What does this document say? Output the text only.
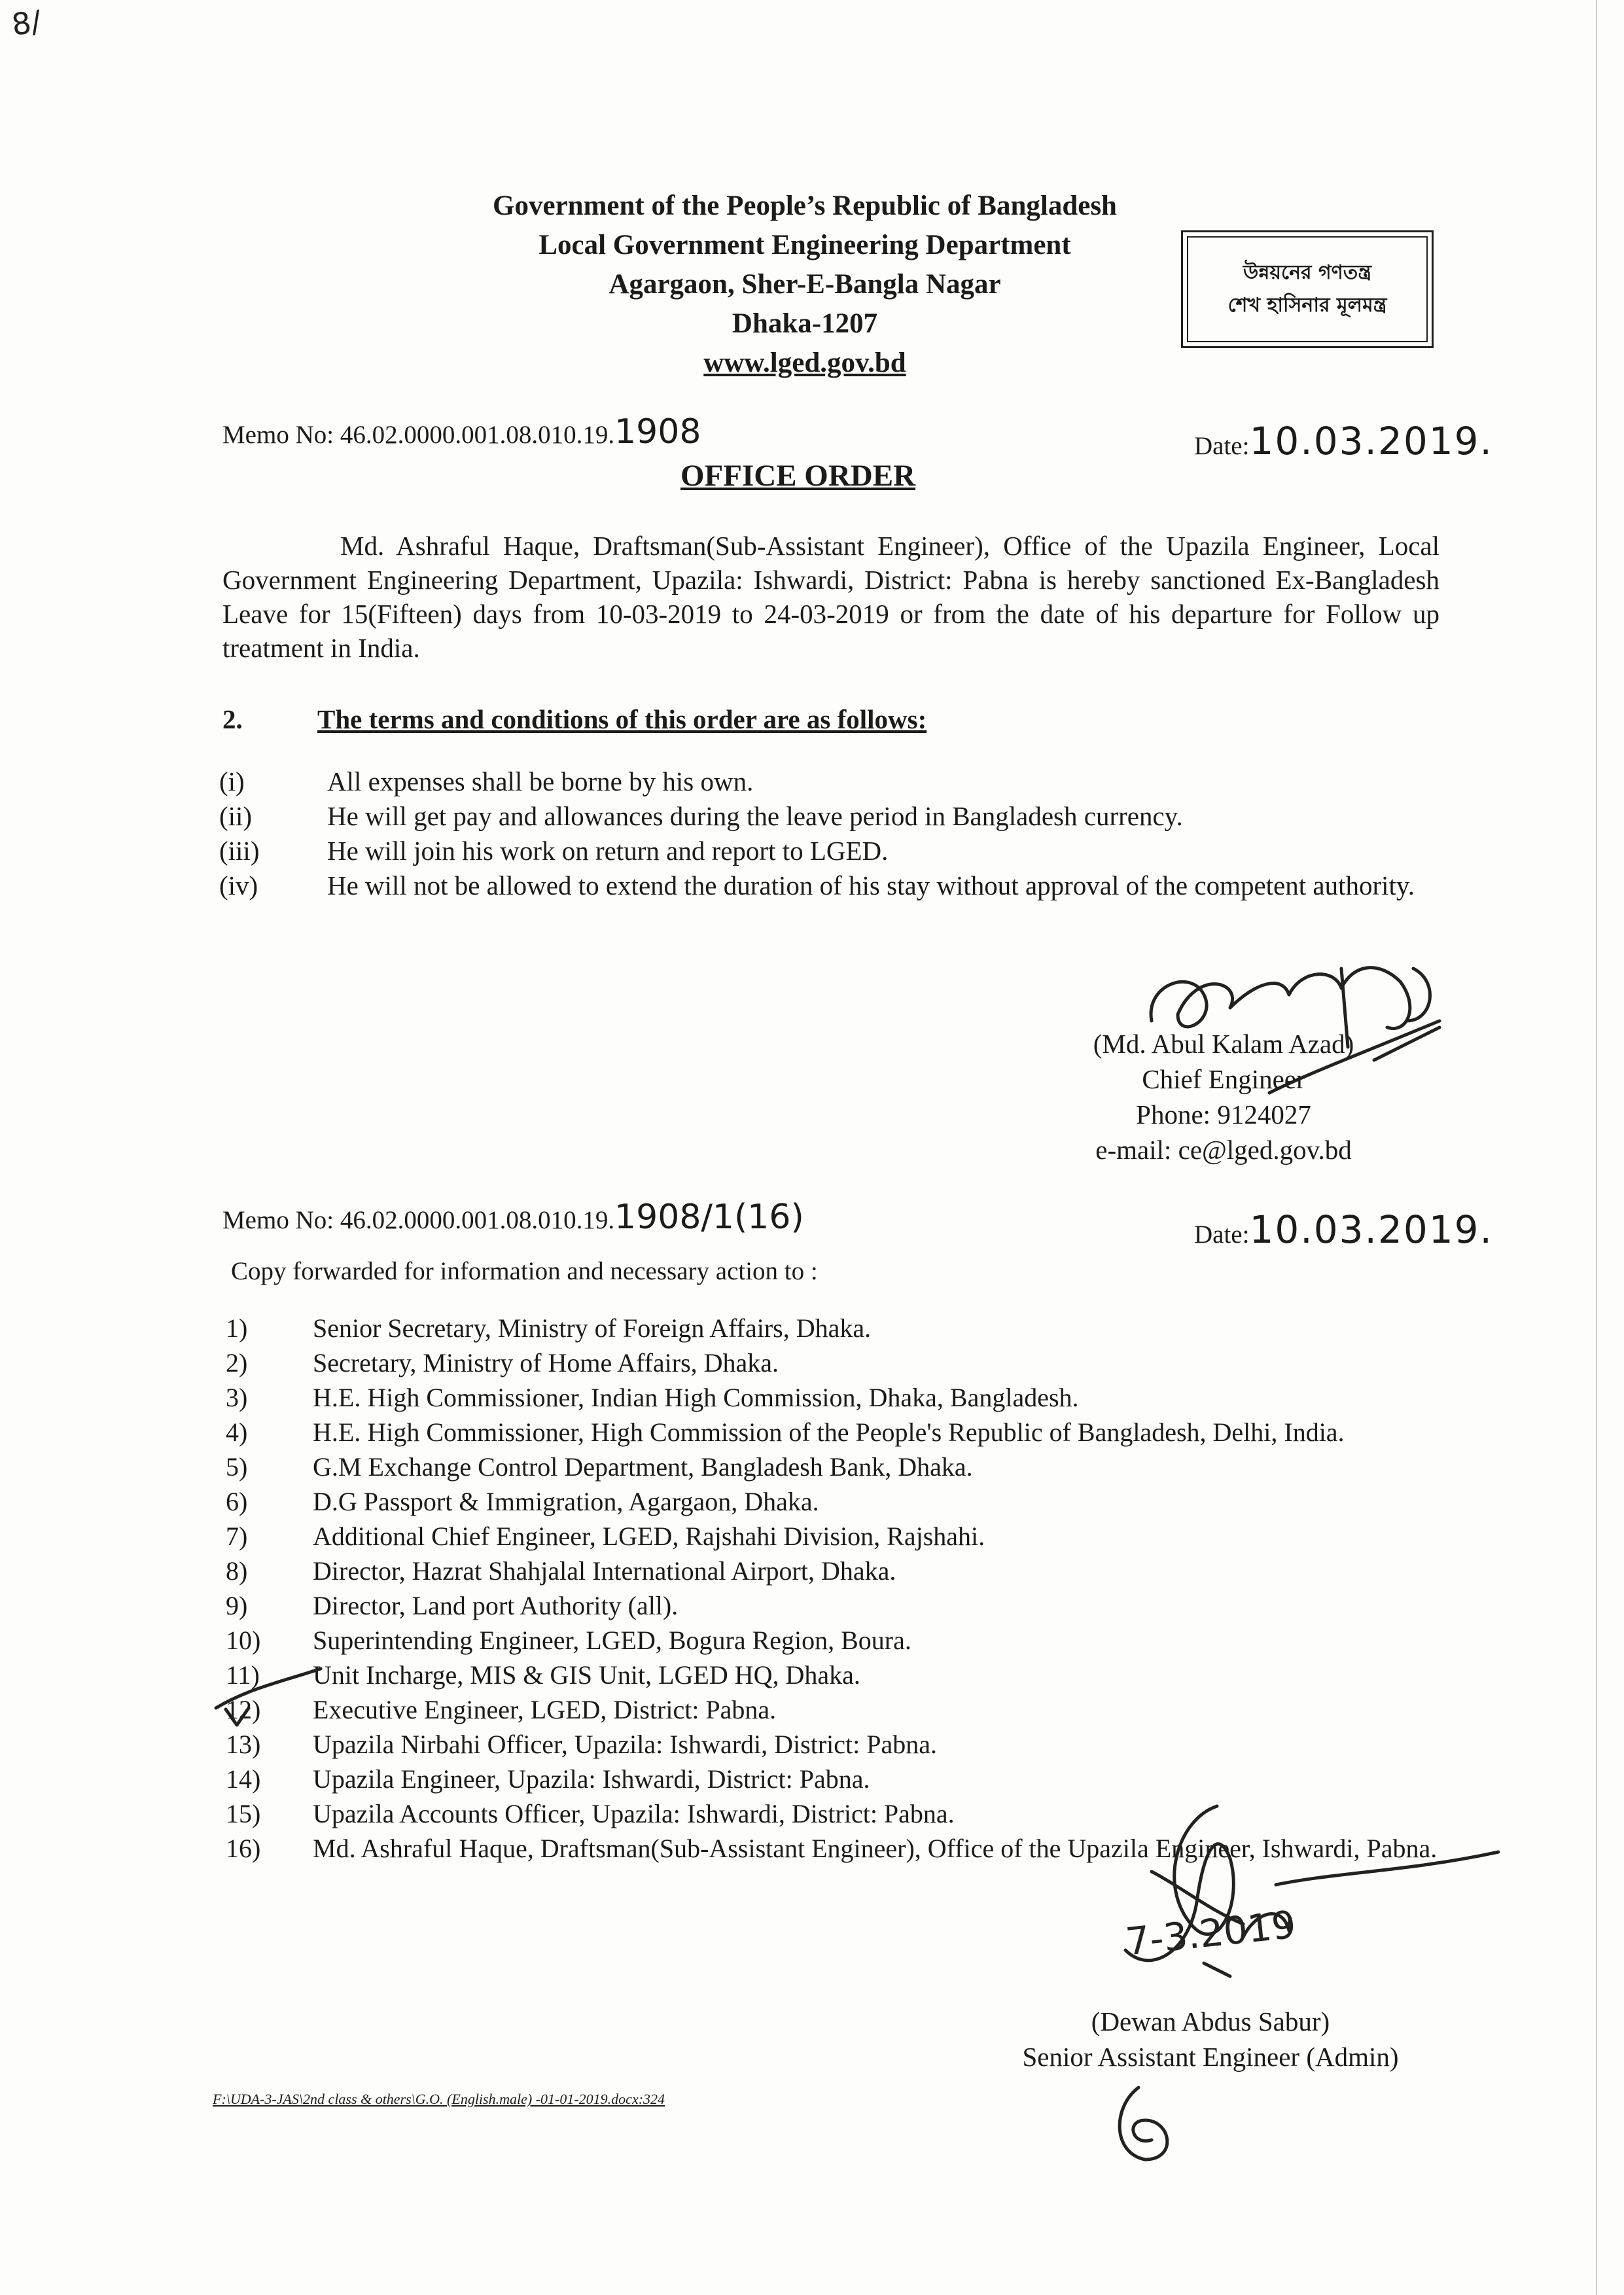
8/
Government of the People’s Republic of Bangladesh
Local Government Engineering Department
Agargaon, Sher-E-Bangla Nagar
Dhaka-1207
www.lged.gov.bd
উন্নয়নের গণতন্ত্র
শেখ হাসিনার মূলমন্ত্র
Memo No: 46.02.0000.001.08.010.19.1908	Date:10.03.2019.
OFFICE ORDER
Md. Ashraful Haque, Draftsman(Sub-Assistant Engineer), Office of the Upazila Engineer, Local Government Engineering Department, Upazila: Ishwardi, District: Pabna is hereby sanctioned Ex-Bangladesh Leave for 15(Fifteen) days from 10-03-2019 to 24-03-2019 or from the date of his departure for Follow up treatment in India.
2.	The terms and conditions of this order are as follows:
(i)	All expenses shall be borne by his own.
(ii)	He will get pay and allowances during the leave period in Bangladesh currency.
(iii)	He will join his work on return and report to LGED.
(iv)	He will not be allowed to extend the duration of his stay without approval of the competent authority.
(Md. Abul Kalam Azad)
Chief Engineer
Phone: 9124027
e-mail: ce@lged.gov.bd
Memo No: 46.02.0000.001.08.010.19.1908/1(16)	Date:10.03.2019.
Copy forwarded for information and necessary action to :
1)	Senior Secretary, Ministry of Foreign Affairs, Dhaka.
2)	Secretary, Ministry of Home Affairs, Dhaka.
3)	H.E. High Commissioner, Indian High Commission, Dhaka, Bangladesh.
4)	H.E. High Commissioner, High Commission of the People's Republic of Bangladesh, Delhi, India.
5)	G.M Exchange Control Department, Bangladesh Bank, Dhaka.
6)	D.G Passport & Immigration, Agargaon, Dhaka.
7)	Additional Chief Engineer, LGED, Rajshahi Division, Rajshahi.
8)	Director, Hazrat Shahjalal International Airport, Dhaka.
9)	Director, Land port Authority (all).
10)	Superintending Engineer, LGED, Bogura Region, Boura.
11)	Unit Incharge, MIS & GIS Unit, LGED HQ, Dhaka.
12)	Executive Engineer, LGED, District: Pabna.
13)	Upazila Nirbahi Officer, Upazila: Ishwardi, District: Pabna.
14)	Upazila Engineer, Upazila: Ishwardi, District: Pabna.
15)	Upazila Accounts Officer, Upazila: Ishwardi, District: Pabna.
16)	Md. Ashraful Haque, Draftsman(Sub-Assistant Engineer), Office of the Upazila Engineer, Ishwardi, Pabna.
7-3.2019
(Dewan Abdus Sabur)
Senior Assistant Engineer (Admin)
F:\UDA-3-JAS\2nd class & others\G.O. (English.male) -01-01-2019.docx:324
